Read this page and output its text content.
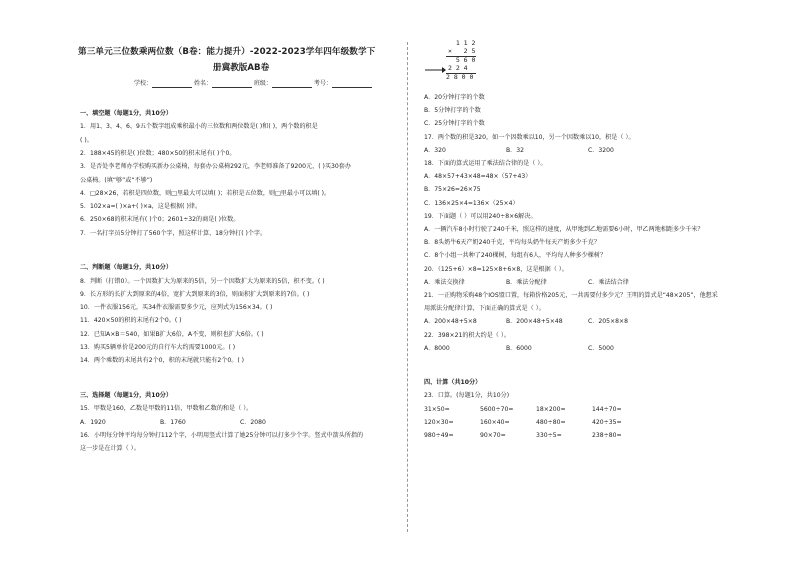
第三单元三位数乘两位数（B卷：能力提升）-2022-2023学年四年级数学下
册冀教版AB卷
学校：	姓名：	班级：	考号：
一、填空题（每题1分，共10分）
1．用1、3、4、6、9五个数字组成乘积最小的三位数和两位数是( )和( )，两个数的积是
( )。
2．188×45的积是( )位数；480×50的积末尾有( )个0。
3．是否处李老师办学校购买新办公桌椅，每套办公桌椅292元，李老师准备了9200元，( )买30套办
公桌椅。(填“够”或“不够”)
4．□28×26，若积是四位数，则□里最大可以填( )；若积是五位数，则□里最小可以填( )。
5．102×a=( )×a+( )×a，这是根据( )律。
6．250×68的积末尾有( )个0；2601÷32的商是( )位数。
7．一名打字员5分钟打了560个字，照这样计算，18分钟打( )个字。
二、判断题（每题1分，共10分）
8．判断（打错0）。一个因数扩大为原来的5倍，另一个因数扩大为原来的5倍，积不变。( )
9．长方形的长扩大到原来的4倍，宽扩大到原来的3倍，则面积扩大到原来的7倍。( )
10．一件衣服156元，买34件衣服需要多少元，应列式为156×34。( )
11．420×50的积的末尾有2个0。( )
12．已知A×B＝540，如果B扩大6倍，A不变，则积也扩大6倍。( )
13．购买5辆单价是200元的自行车大约需要1000元。( )
14．两个乘数的末尾共有2个0，积的末尾就只能有2个0。( )
三、选择题（每题1分，共10分）
15．甲数是160，乙数是甲数的11倍，甲数和乙数的和是（ ）。
A．1920	B．1760	C．2080
16．小明每分钟平均每分钟打112个字，小明用竖式计算了她25分钟可以打多少个字。竖式中箭头所指的
这一步是在计算（ ）。
1 1 2
×   2 5
5 6 0
2 2 4
2 8 0 0
A．20分钟打字的个数
B．5分钟打字的个数
C．25分钟打字的个数
17．两个数的积是320，如一个因数乘以10，另一个因数乘以10，积是（ ）。
A．320	B．32	C．3200
18．下面的算式运用了乘法结合律的是（ ）。
A．48×57+43×48=48×（57+43）
B．75×26=26×75
C．136×25×4=136×（25×4）
19．下面题（ ）可以用240÷8×6解决。
A．一辆汽车8小时行驶了240千米，照这样的速度，从甲地到乙地需要6小时，甲乙两地相距多少千米？
B．8头奶牛6天产奶240千克，平均每头奶牛每天产奶多少千克？
C．8个小组一共种了240棵树，每组有6人，平均每人种多少棵树？
20．（125+6）×8=125×8+6×8，这是根据（ ）。
A．乘法交换律	B．乘法分配律	C．乘法结合律
21．一正购物采购48个IOS盟口置，每箱价格205元，一共需要付多少元？王明的算式是“48×205”，他想采
用派法分配律计算，下面正确的算式是（ ）。
A．200×48+5×8	B．200×48+5×48	C．205×8×8
22．398×21的积大约是（ ）。
A．8000	B．6000	C．5000
四、计算（共10分）
23．口算。(每题1分，共10分)
31×50=	5600÷70=	18×200=	144÷70=
120×30=	160×40=	480÷80=	420÷35=
980÷49=	90×70=	330÷5=	238÷80=
